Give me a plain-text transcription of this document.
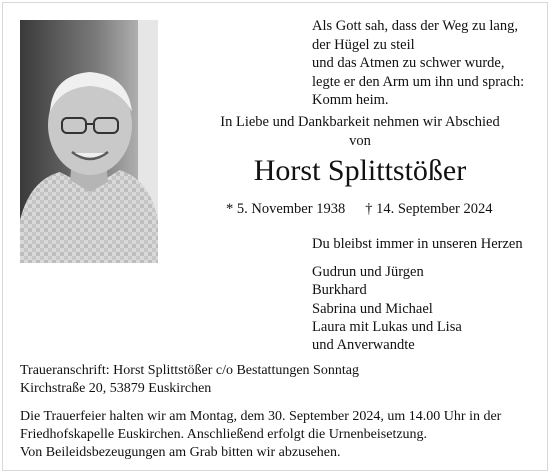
Als Gott sah, dass der Weg zu lang,
der Hügel zu steil
und das Atmen zu schwer wurde,
legte er den Arm um ihn und sprach:
Komm heim.
In Liebe und Dankbarkeit nehmen wir Abschied
von
Horst Splittstößer
* 5. November 1938 † 14. September 2024
Du bleibst immer in unseren Herzen
Gudrun und Jürgen
Burkhard
Sabrina und Michael
Laura mit Lukas und Lisa
und Anverwandte
Traueranschrift: Horst Splittstößer c/o Bestattungen Sonntag
Kirchstraße 20, 53879 Euskirchen
Die Trauerfeier halten wir am Montag, dem 30. September 2024, um 14.00 Uhr in der
Friedhofskapelle Euskirchen. Anschließend erfolgt die Urnenbeisetzung.
Von Beileidsbezeugungen am Grab bitten wir abzusehen.
